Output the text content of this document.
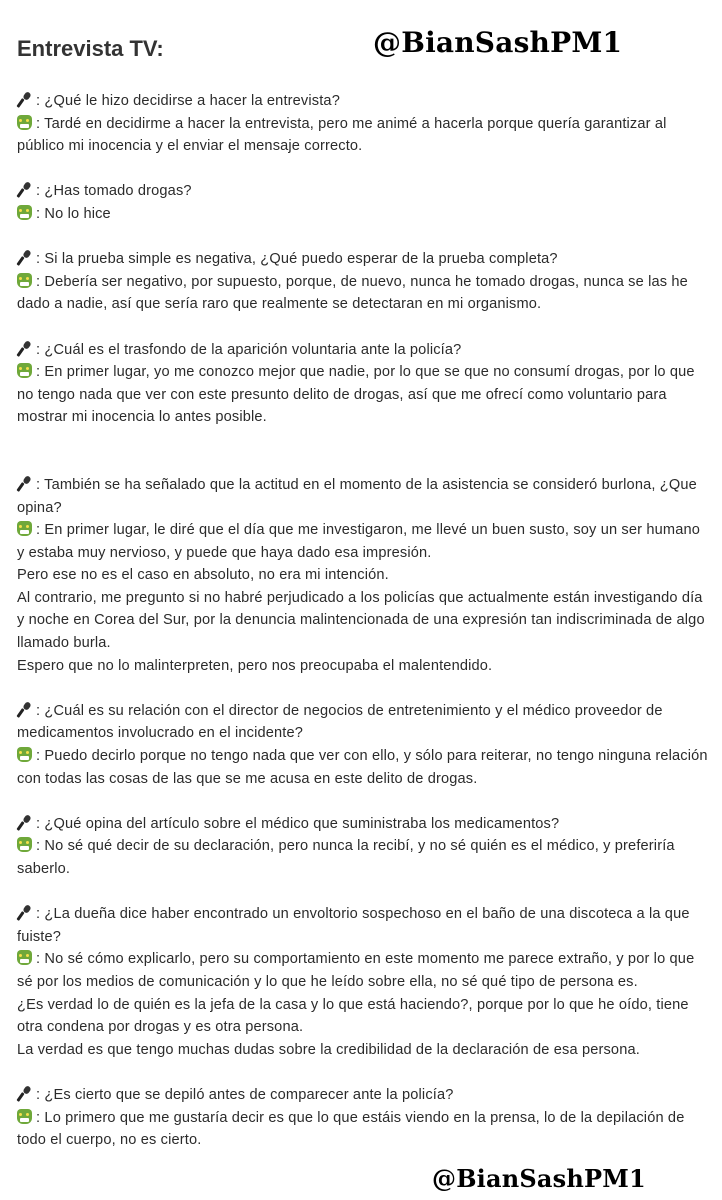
Entrevista TV:	@BianSashPM1
: ¿Qué le hizo decidirse a hacer la entrevista?
: Tardé en decidirme a hacer la entrevista, pero me animé a hacerla porque quería garantizar al público mi inocencia y el enviar el mensaje correcto.
: ¿Has tomado drogas?
: No lo hice
: Si la prueba simple es negativa, ¿Qué puedo esperar de la prueba completa?
: Debería ser negativo, por supuesto, porque, de nuevo, nunca he tomado drogas, nunca se las he dado a nadie, así que sería raro que realmente se detectaran en mi organismo.
: ¿Cuál es el trasfondo de la aparición voluntaria ante la policía?
: En primer lugar, yo me conozco mejor que nadie, por lo que se que no consumí drogas, por lo que no tengo nada que ver con este presunto delito de drogas, así que me ofrecí como voluntario para mostrar mi inocencia lo antes posible.
: También se ha señalado que la actitud en el momento de la asistencia se consideró burlona, ¿Que opina?
: En primer lugar, le diré que el día que me investigaron, me llevé un buen susto, soy un ser humano y estaba muy nervioso, y puede que haya dado esa impresión.
Pero ese no es el caso en absoluto, no era mi intención.
Al contrario, me pregunto si no habré perjudicado a los policías que actualmente están investigando día y noche en Corea del Sur, por la denuncia malintencionada de una expresión tan indiscriminada de algo llamado burla.
Espero que no lo malinterpreten, pero nos preocupaba el malentendido.
: ¿Cuál es su relación con el director de negocios de entretenimiento y el médico proveedor de medicamentos involucrado en el incidente?
: Puedo decirlo porque no tengo nada que ver con ello, y sólo para reiterar, no tengo ninguna relación con todas las cosas de las que se me acusa en este delito de drogas.
: ¿Qué opina del artículo sobre el médico que suministraba los medicamentos?
: No sé qué decir de su declaración, pero nunca la recibí, y no sé quién es el médico, y preferiría saberlo.
: ¿La dueña dice haber encontrado un envoltorio sospechoso en el baño de una discoteca a la que fuiste?
: No sé cómo explicarlo, pero su comportamiento en este momento me parece extraño, y por lo que sé por los medios de comunicación y lo que he leído sobre ella, no sé qué tipo de persona es.
¿Es verdad lo de quién es la jefa de la casa y lo que está haciendo?, porque por lo que he oído, tiene otra condena por drogas y es otra persona.
La verdad es que tengo muchas dudas sobre la credibilidad de la declaración de esa persona.
: ¿Es cierto que se depiló antes de comparecer ante la policía?
: Lo primero que me gustaría decir es que lo que estáis viendo en la prensa, lo de la depilación de todo el cuerpo, no es cierto.
@BianSashPM1
